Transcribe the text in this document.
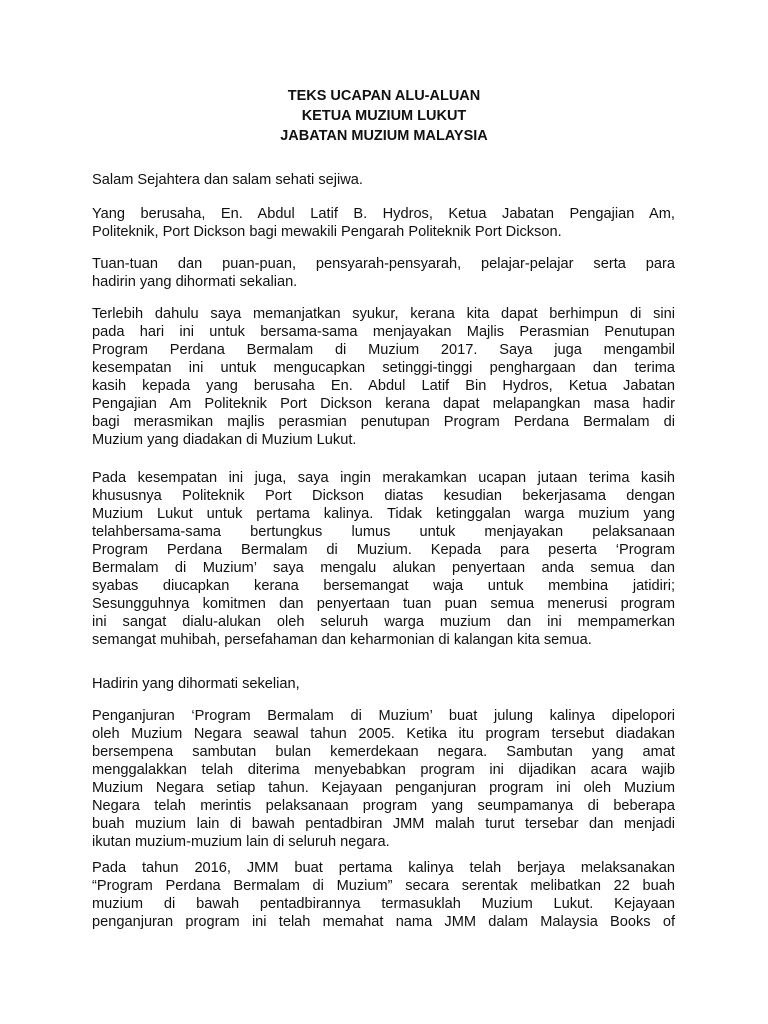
TEKS UCAPAN ALU-ALUAN
KETUA MUZIUM LUKUT
JABATAN MUZIUM MALAYSIA
Salam Sejahtera dan salam sehati sejiwa.
Yang berusaha, En. Abdul Latif B. Hydros, Ketua Jabatan Pengajian Am,
Politeknik, Port Dickson bagi mewakili Pengarah Politeknik Port Dickson.
Tuan-tuan dan puan-puan, pensyarah-pensyarah, pelajar-pelajar serta para
hadirin yang dihormati sekalian.
Terlebih dahulu saya memanjatkan syukur, kerana kita dapat berhimpun di sini
pada hari ini untuk bersama-sama menjayakan Majlis Perasmian Penutupan
Program Perdana Bermalam di Muzium 2017. Saya juga mengambil
kesempatan ini untuk mengucapkan setinggi-tinggi penghargaan dan terima
kasih kepada yang berusaha En. Abdul Latif Bin Hydros, Ketua Jabatan
Pengajian Am Politeknik Port Dickson kerana dapat melapangkan masa hadir
bagi merasmikan majlis perasmian penutupan Program Perdana Bermalam di
Muzium yang diadakan di Muzium Lukut.
Pada kesempatan ini juga, saya ingin merakamkan ucapan jutaan terima kasih
khususnya Politeknik Port Dickson diatas kesudian bekerjasama dengan
Muzium Lukut untuk pertama kalinya. Tidak ketinggalan warga muzium yang
telahbersama-sama bertungkus lumus untuk menjayakan pelaksanaan
Program Perdana Bermalam di Muzium. Kepada para peserta ‘Program
Bermalam di Muzium’ saya mengalu alukan penyertaan anda semua dan
syabas diucapkan kerana bersemangat waja untuk membina jatidiri;
Sesungguhnya komitmen dan penyertaan tuan puan semua menerusi program
ini sangat dialu-alukan oleh seluruh warga muzium dan ini mempamerkan
semangat muhibah, persefahaman dan keharmonian di kalangan kita semua.
Hadirin yang dihormati sekelian,
Penganjuran ‘Program Bermalam di Muzium’ buat julung kalinya dipelopori
oleh Muzium Negara seawal tahun 2005. Ketika itu program tersebut diadakan
bersempena sambutan bulan kemerdekaan negara. Sambutan yang amat
menggalakkan telah diterima menyebabkan program ini dijadikan acara wajib
Muzium Negara setiap tahun. Kejayaan penganjuran program ini oleh Muzium
Negara telah merintis pelaksanaan program yang seumpamanya di beberapa
buah muzium lain di bawah pentadbiran JMM malah turut tersebar dan menjadi
ikutan muzium-muzium lain di seluruh negara.
Pada tahun 2016, JMM buat pertama kalinya telah berjaya melaksanakan
“Program Perdana Bermalam di Muzium” secara serentak melibatkan 22 buah
muzium di bawah pentadbirannya termasuklah Muzium Lukut. Kejayaan
penganjuran program ini telah memahat nama JMM dalam Malaysia Books of
